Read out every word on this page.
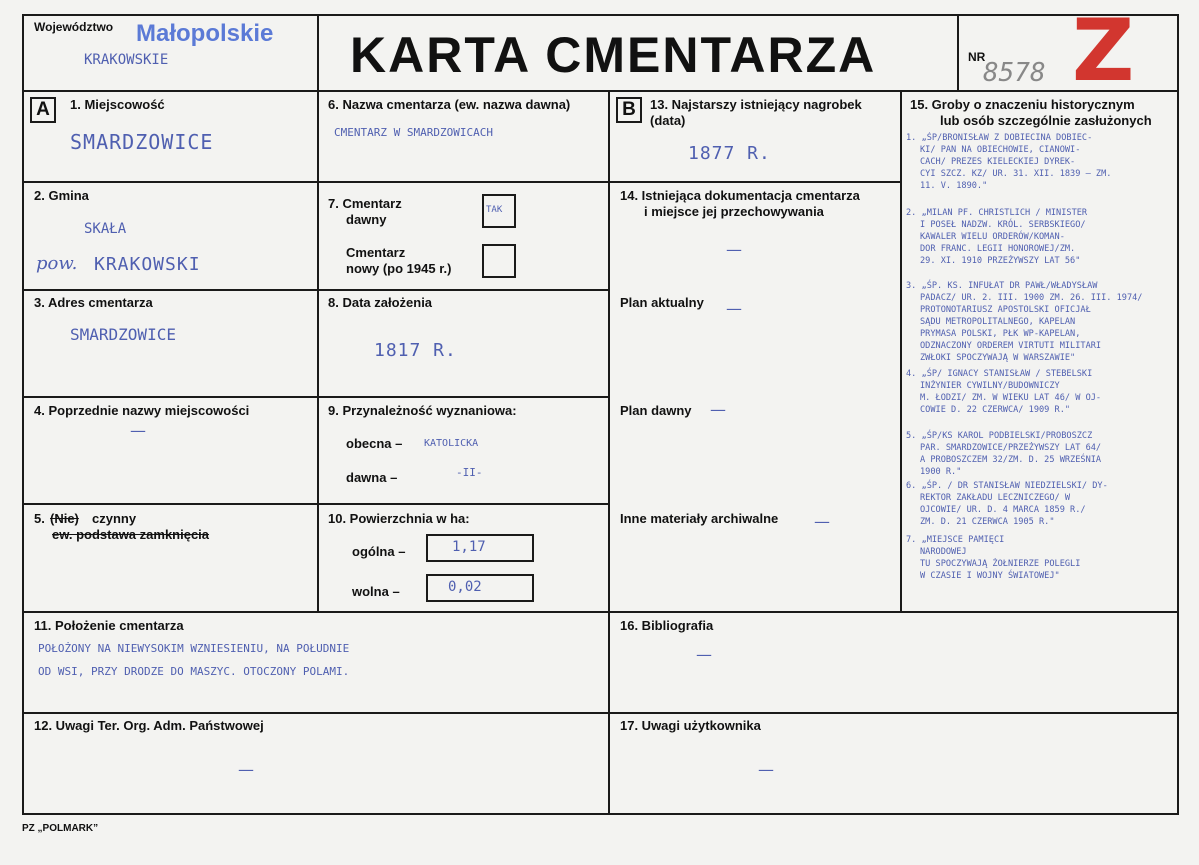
Województwo Małopolskie
KRAKOWSKIE	KARTA CMENTARZA	NR
8578 Z
A	B
1. Miejscowość
SMARDZOWICE
2. Gmina
SKAŁA
pow. KRAKOWSKI
3. Adres cmentarza
SMARDZOWICE
4. Poprzednie nazwy miejscowości
—
5. (Nie) czynny
ew. podstawa zamknięcia
6. Nazwa cmentarza (ew. nazwa dawna)
CMENTARZ W SMARDZOWICACH
7. Cmentarz
dawny
TAK
Cmentarz
nowy (po 1945 r.)
8. Data założenia
1817 R.
9. Przynależność wyznaniowa:
obecna – KATOLICKA
dawna –	-II-
10. Powierzchnia w ha:
ogólna –	1,17
wolna –	0,02
13. Najstarszy istniejący nagrobek
(data)
1877 R.
14. Istniejąca dokumentacja cmentarza
i miejsce jej przechowywania
—
Plan aktualny —
Plan dawny —
Inne materiały archiwalne —
15. Groby o znaczeniu historycznym
lub osób szczególnie zasłużonych
1. „ŚP/BRONISŁAW Z DOBIECINA DOBIEC-
KI/ PAN NA OBIECHOWIE, CIANOWI-
CACH/ PREZES KIELECKIEJ DYREK-
CYI SZCZ. KZ/ UR. 31. XII. 1839 – ZM.
11. V. 1890."
2. „MILAN PF. CHRISTLICH / MINISTER
I POSEŁ NADZW. KRÓL. SERBSKIEGO/
KAWALER WIELU ORDERÓW/KOMAN-
DOR FRANC. LEGII HONOROWEJ/ZM.
29. XI. 1910 PRZEŻYWSZY LAT 56"
3. „ŚP. KS. INFUŁAT DR PAWŁ/WŁADYSŁAW
PADACZ/ UR. 2. III. 1900 ZM. 26. III. 1974/
PROTONOTARIUSZ APOSTOLSKI OFICJAŁ
SĄDU METROPOLITALNEGO, KAPELAN
PRYMASA POLSKI, PŁK WP-KAPELAN,
ODZNACZONY ORDEREM VIRTUTI MILITARI
ZWŁOKI SPOCZYWAJĄ W WARSZAWIE"
4. „ŚP/ IGNACY STANISŁAW / STEBELSKI
INŻYNIER CYWILNY/BUDOWNICZY
M. ŁODZI/ ZM. W WIEKU LAT 46/ W OJ-
COWIE D. 22 CZERWCA/ 1909 R."
5. „ŚP/KS KAROL PODBIELSKI/PROBOSZCZ
PAR. SMARDZOWICE/PRZEŻYWSZY LAT 64/
A PROBOSZCZEM 32/ZM. D. 25 WRZEŚNIA
1900 R."
6. „ŚP. / DR STANISŁAW NIEDZIELSKI/ DY-
REKTOR ZAKŁADU LECZNICZEGO/ W
OJCOWIE/ UR. D. 4 MARCA 1859 R./
ZM. D. 21 CZERWCA 1905 R."
7. „MIEJSCE PAMIĘCI
NARODOWEJ
TU SPOCZYWAJĄ ŻOŁNIERZE POLEGLI
W CZASIE I WOJNY ŚWIATOWEJ"
11. Położenie cmentarza
POŁOŻONY NA NIEWYSOKIM WZNIESIENIU, NA POŁUDNIE
OD WSI, PRZY DRODZE DO MASZYC. OTOCZONY POLAMI.
16. Bibliografia
—
12. Uwagi Ter. Org. Adm. Państwowej
—
17. Uwagi użytkownika
—
PZ „POLMARK”
